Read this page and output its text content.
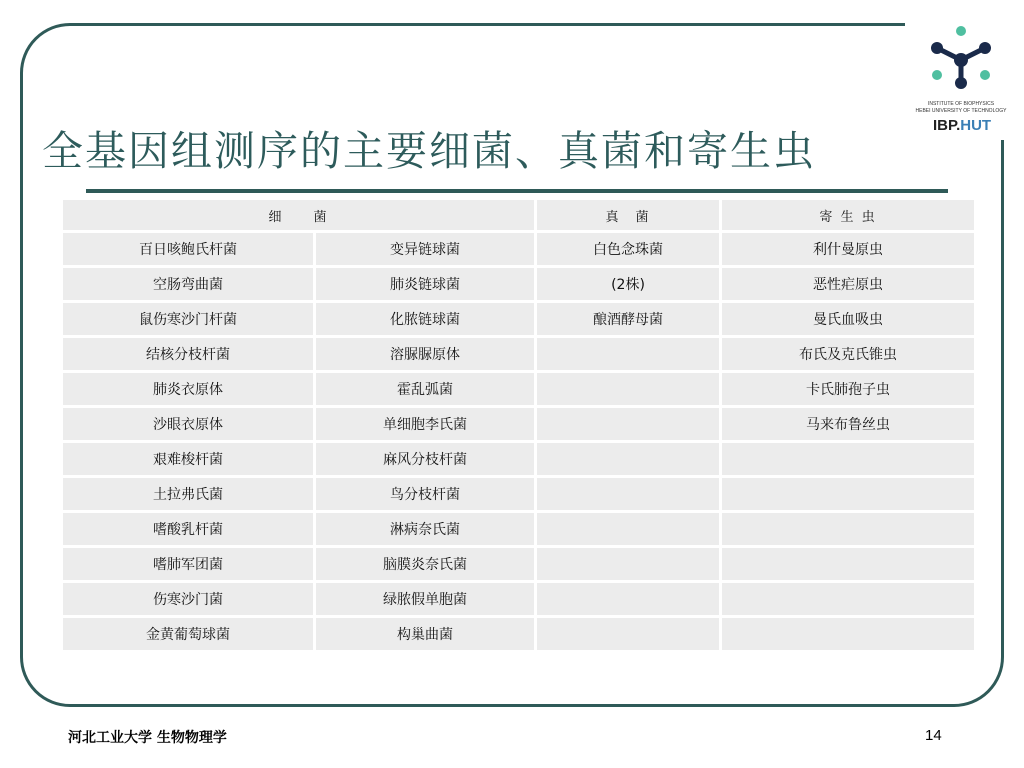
INSTITUTE OF BIOPHYSICS
HEBEI UNIVERSITY OF TECHNOLOGY
IBP.HUT
全基因组测序的主要细菌、真菌和寄生虫
细　　菌		真　菌	寄 生 虫
百日咳鲍氏杆菌	变异链球菌	白色念珠菌	利什曼原虫
空肠弯曲菌	肺炎链球菌	(2株)	恶性疟原虫
鼠伤寒沙门杆菌	化脓链球菌	酿酒酵母菌	曼氏血吸虫
结核分枝杆菌	溶脲脲原体		布氏及克氏锥虫
肺炎衣原体	霍乱弧菌		卡氏肺孢子虫
沙眼衣原体	单细胞李氏菌		马来布鲁丝虫
艰难梭杆菌	麻风分枝杆菌		
土拉弗氏菌	鸟分枝杆菌		
嗜酸乳杆菌	淋病奈氏菌		
嗜肺军团菌	脑膜炎奈氏菌		
伤寒沙门菌	绿脓假单胞菌		
金黄葡萄球菌	构巢曲菌		
河北工业大学 生物物理学	14
